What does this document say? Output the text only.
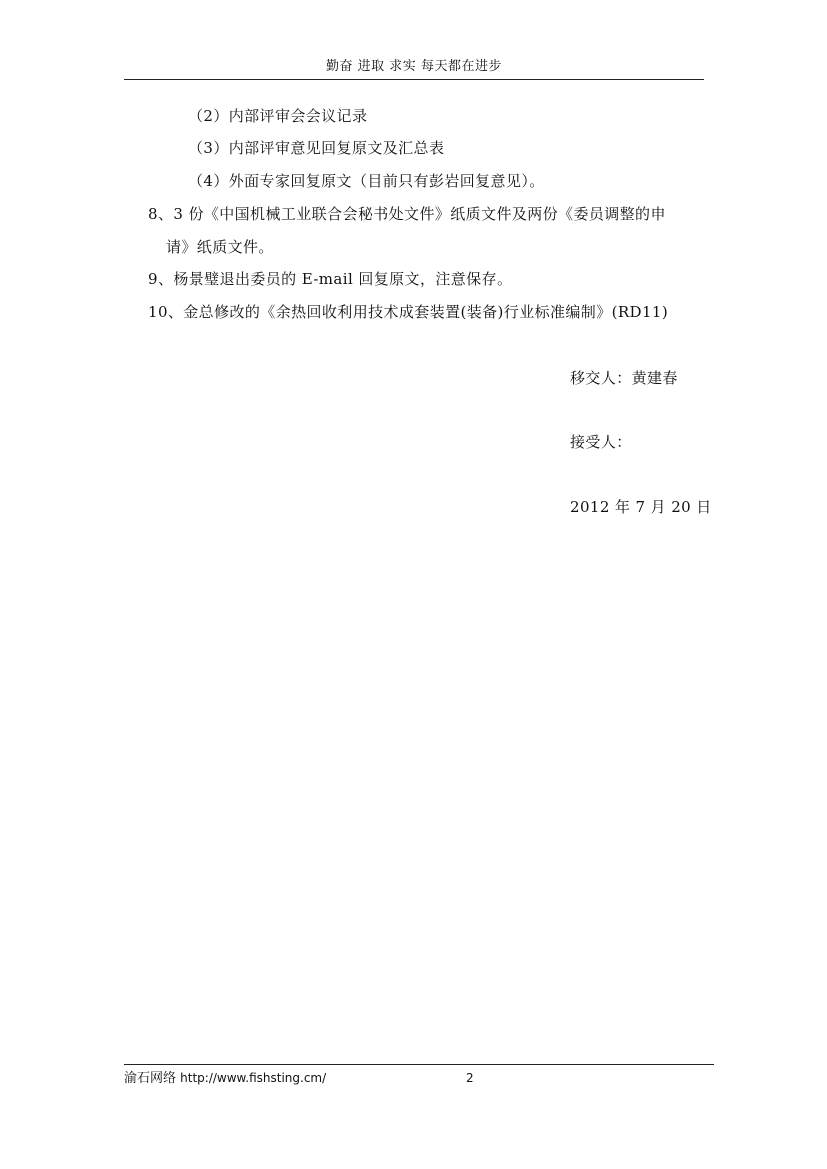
勤奋 进取 求实 每天都在进步
（2）内部评审会会议记录
（3）内部评审意见回复原文及汇总表
（4）外面专家回复原文（目前只有彭岩回复意见）。
8、3 份《中国机械工业联合会秘书处文件》纸质文件及两份《委员调整的申
请》纸质文件。
9、杨景璧退出委员的 E-mail 回复原文，注意保存。
10、金总修改的《余热回收利用技术成套装置(装备)行业标准编制》(RD11)
移交人：黄建春
接受人：
2012 年 7 月 20 日
渝石网络 http://www.fishsting.cm/	2
